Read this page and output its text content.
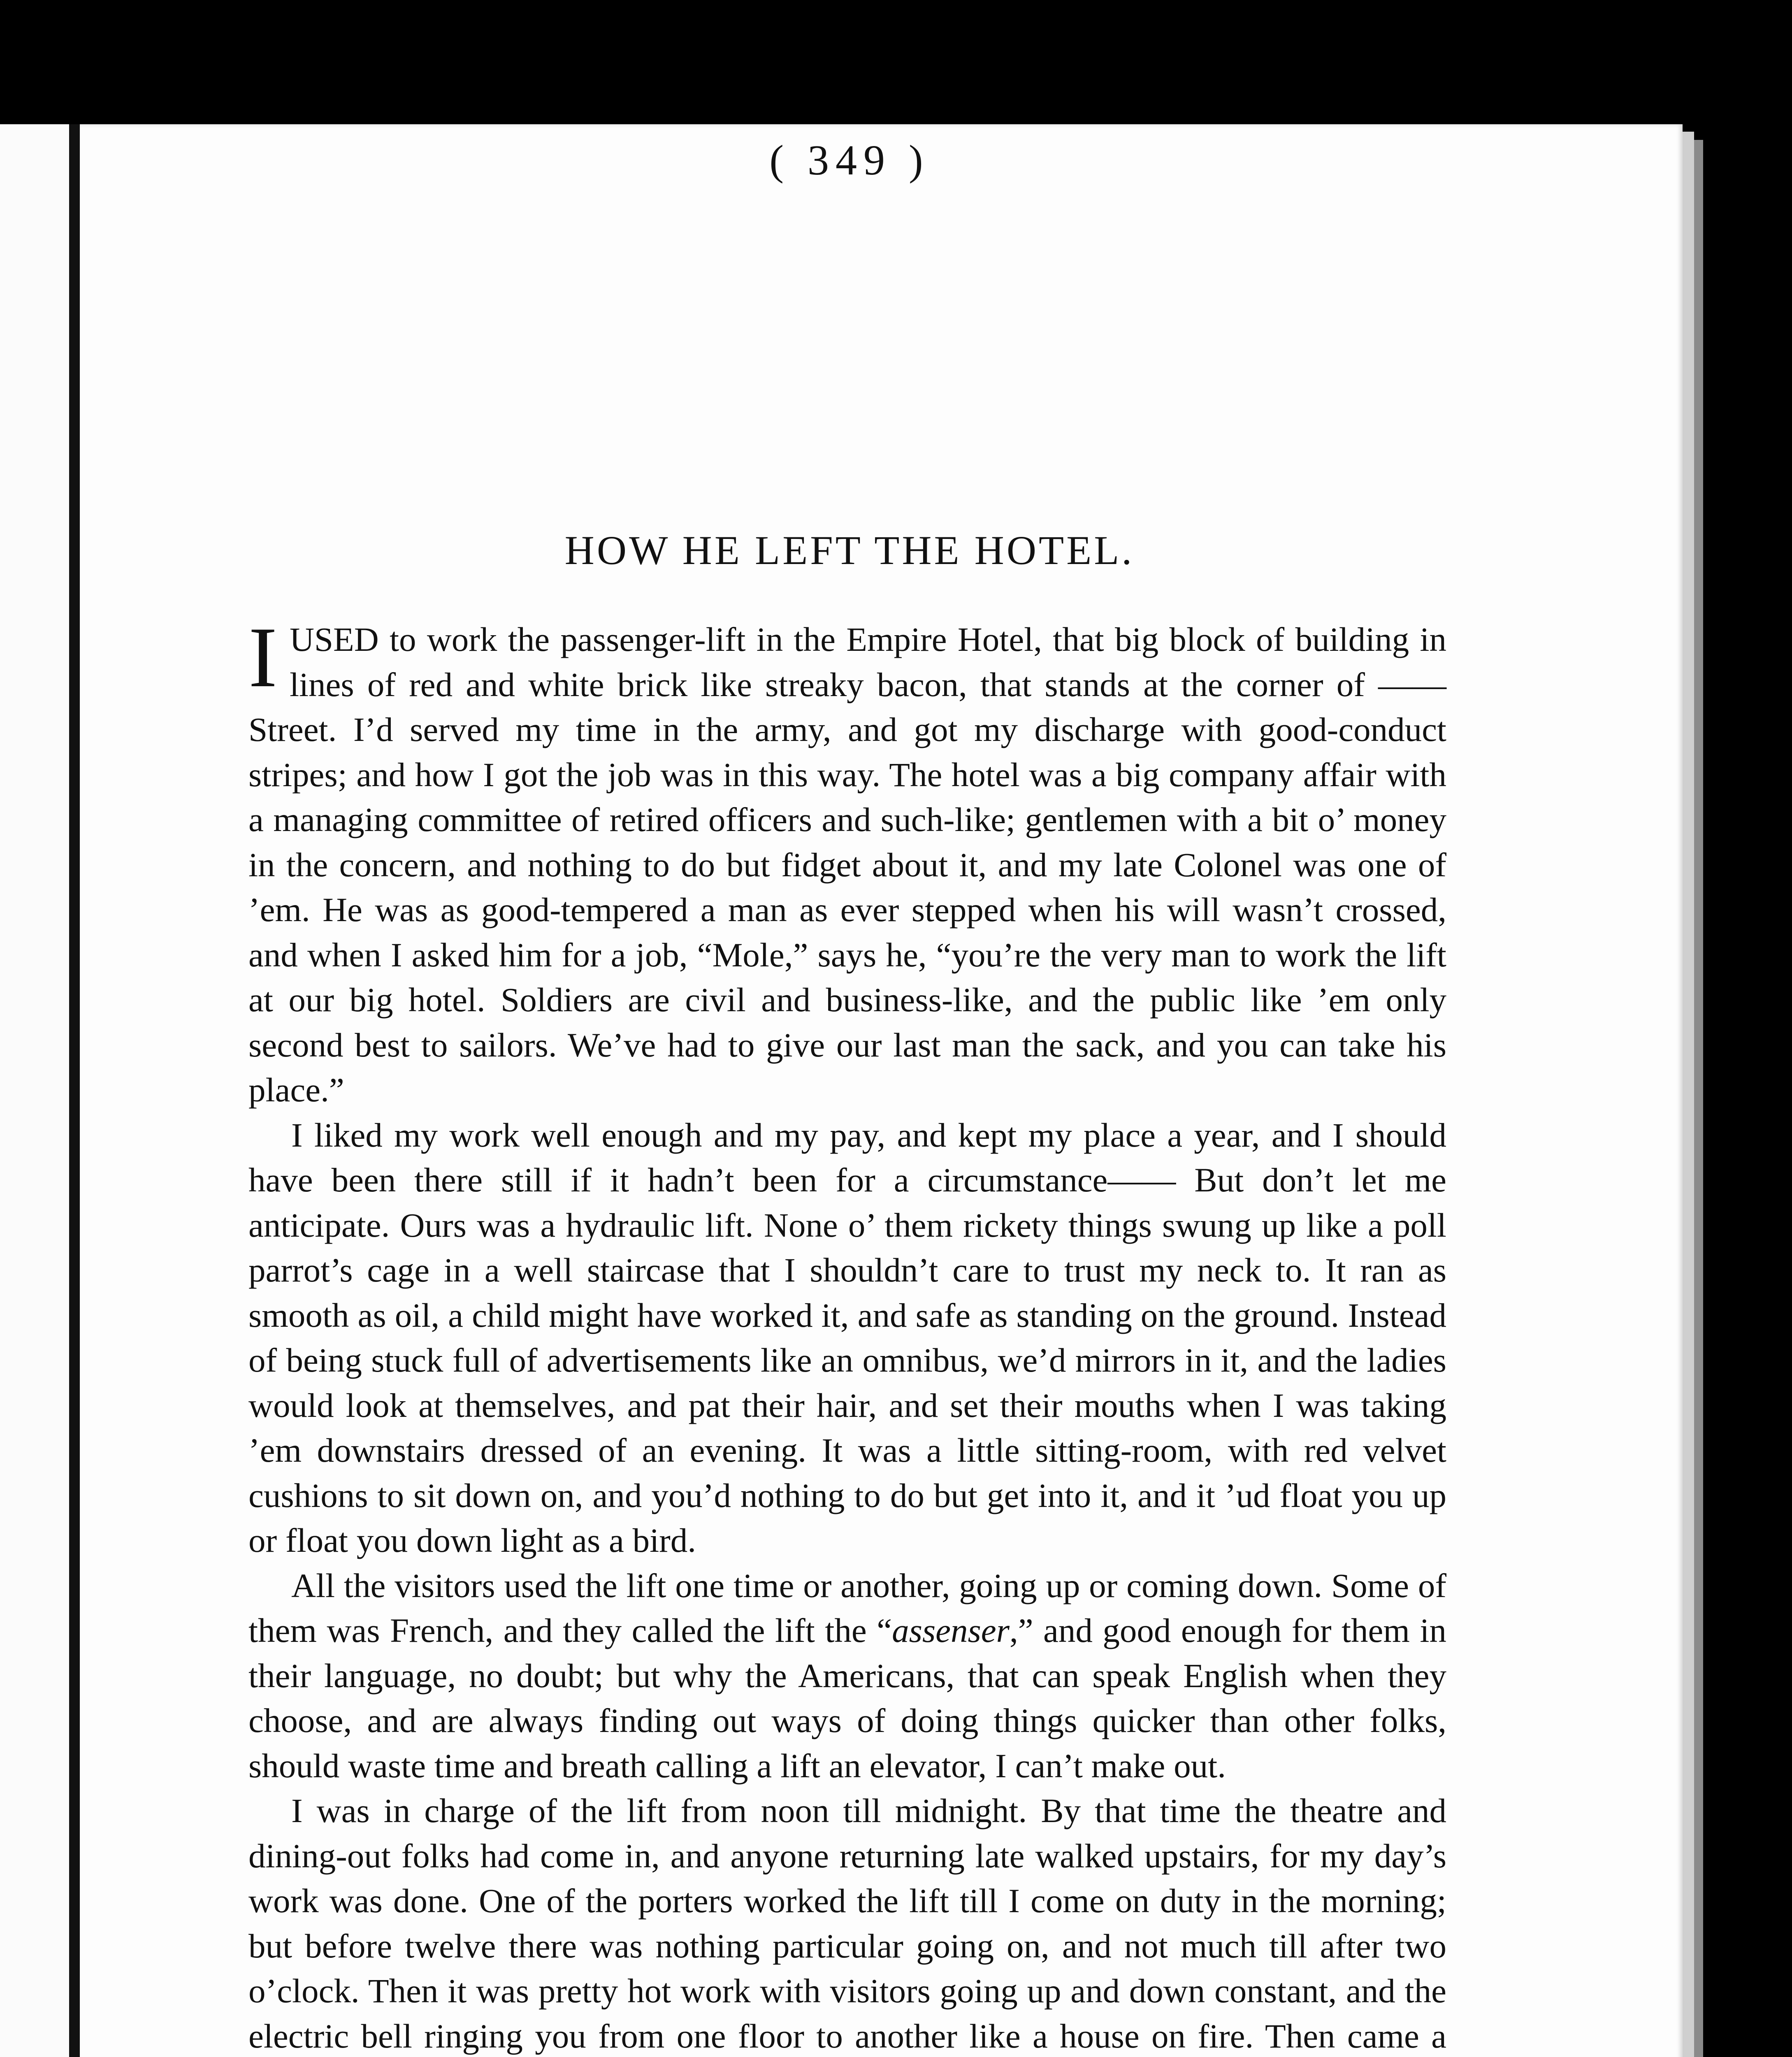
( 349 )
HOW HE LEFT THE HOTEL.

IUSED to work the passenger-lift in the Empire Hotel, that big block of building in lines of red and white brick like streaky bacon, that stands at the corner of —— Street. I’d served my time in the army, and got my discharge with good-conduct stripes; and how I got the job was in this way. The hotel was a big company affair with a managing committee of retired officers and such-like; gentlemen with a bit o’ money in the concern, and nothing to do but fidget about it, and my late Colonel was one of ’em. He was as good-tempered a man as ever stepped when his will wasn’t crossed, and when I asked him for a job, “Mole,” says he, “you’re the very man to work the lift at our big hotel. Soldiers are civil and business-like, and the public like ’em only second best to sailors. We’ve had to give our last man the sack, and you can take his place.”

I liked my work well enough and my pay, and kept my place a year, and I should have been there still if it hadn’t been for a circumstance—— But don’t let me anticipate. Ours was a hydraulic lift. None o’ them rickety things swung up like a poll parrot’s cage in a well staircase that I shouldn’t care to trust my neck to. It ran as smooth as oil, a child might have worked it, and safe as standing on the ground. Instead of being stuck full of advertisements like an omnibus, we’d mirrors in it, and the ladies would look at themselves, and pat their hair, and set their mouths when I was taking ’em downstairs dressed of an evening. It was a little sitting-room, with red velvet cushions to sit down on, and you’d nothing to do but get into it, and it ’ud float you up or float you down light as a bird.

All the visitors used the lift one time or another, going up or coming down. Some of them was French, and they called the lift the “assenser,” and good enough for them in their language, no doubt; but why the Americans, that can speak English when they choose, and are always finding out ways of doing things quicker than other folks, should waste time and breath calling a lift an elevator, I can’t make out.

I was in charge of the lift from noon till midnight. By that time the theatre and dining-out folks had come in, and anyone returning late walked upstairs, for my day’s work was done. One of the porters worked the lift till I come on duty in the morning; but before twelve there was nothing particular going on, and not much till after two o’clock. Then it was pretty hot work with visitors going up and down constant, and the electric bell ringing you from one floor to another like a house on fire. Then came a
